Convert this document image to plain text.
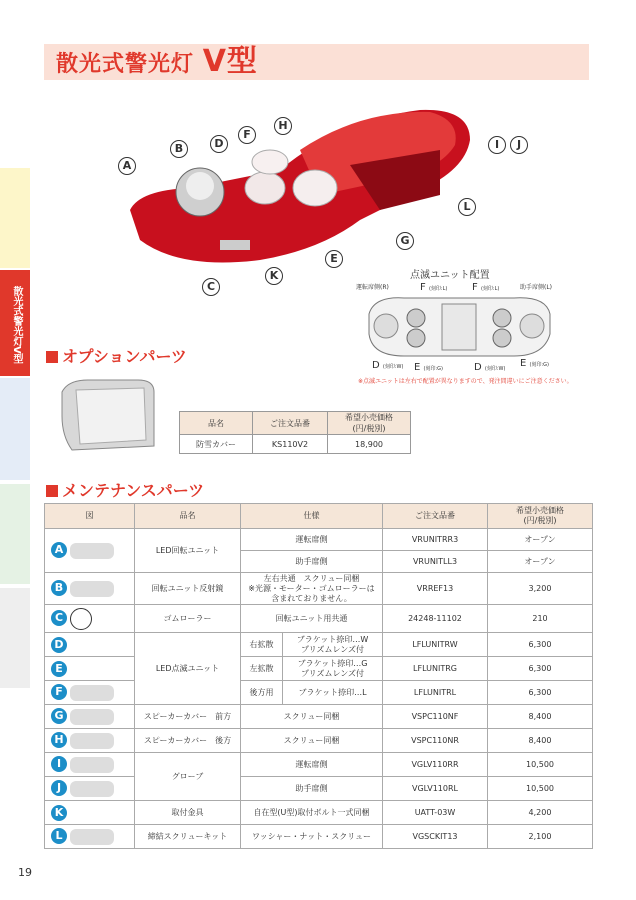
散光式警光灯V型
散光式警光灯 V型
A
B
C
D
E
F
G
H
I	J
K
L
点滅ユニット配置
運転席側(R)	助手席側(L)
F (刻印:L) F (刻印:L)
D (刻印:W) E (刻印:G)	D (刻印:W) E (刻印:G)
※点滅ユニットは左右で配置が異なりますので、発注間違いにご注意ください。
オプションパーツ
品名	ご注文品番	希望小売価格
(円/税別)
防雪カバー	KS110V2	18,900
メンテナンスパーツ
図	品名	仕様		ご注文品番	希望小売価格
(円/税別)
A	LED回転ユニット	運転席側		VRUNITRR3	オープン
		助手席側		VRUNITLL3	オープン
B	回転ユニット反射鏡	左右共通　スクリュー同梱
※光源・モーター・ゴムローラーは
含まれておりません。		VRREF13	3,200
C	ゴムローラー	回転ユニット用共通		24248-11102	210
D	LED点滅ユニット	右拡散	ブラケット捺印…W
プリズムレンズ付	LFLUNITRW	6,300
E		左拡散	ブラケット捺印…G
プリズムレンズ付	LFLUNITRG	6,300
F		後方用	ブラケット捺印…L	LFLUNITRL	6,300
G	スピーカーカバー　前方	スクリュー同梱		VSPC110NF	8,400
H	スピーカーカバー　後方	スクリュー同梱		VSPC110NR	8,400
I	グローブ	運転席側		VGLV110RR	10,500
J		助手席側		VGLV110RL	10,500
K	取付金具	自在型(U型)取付ボルト一式同梱		UATT-03W	4,200
L	締結スクリューキット	ワッシャー・ナット・スクリュー		VGSCKIT13	2,100
19
